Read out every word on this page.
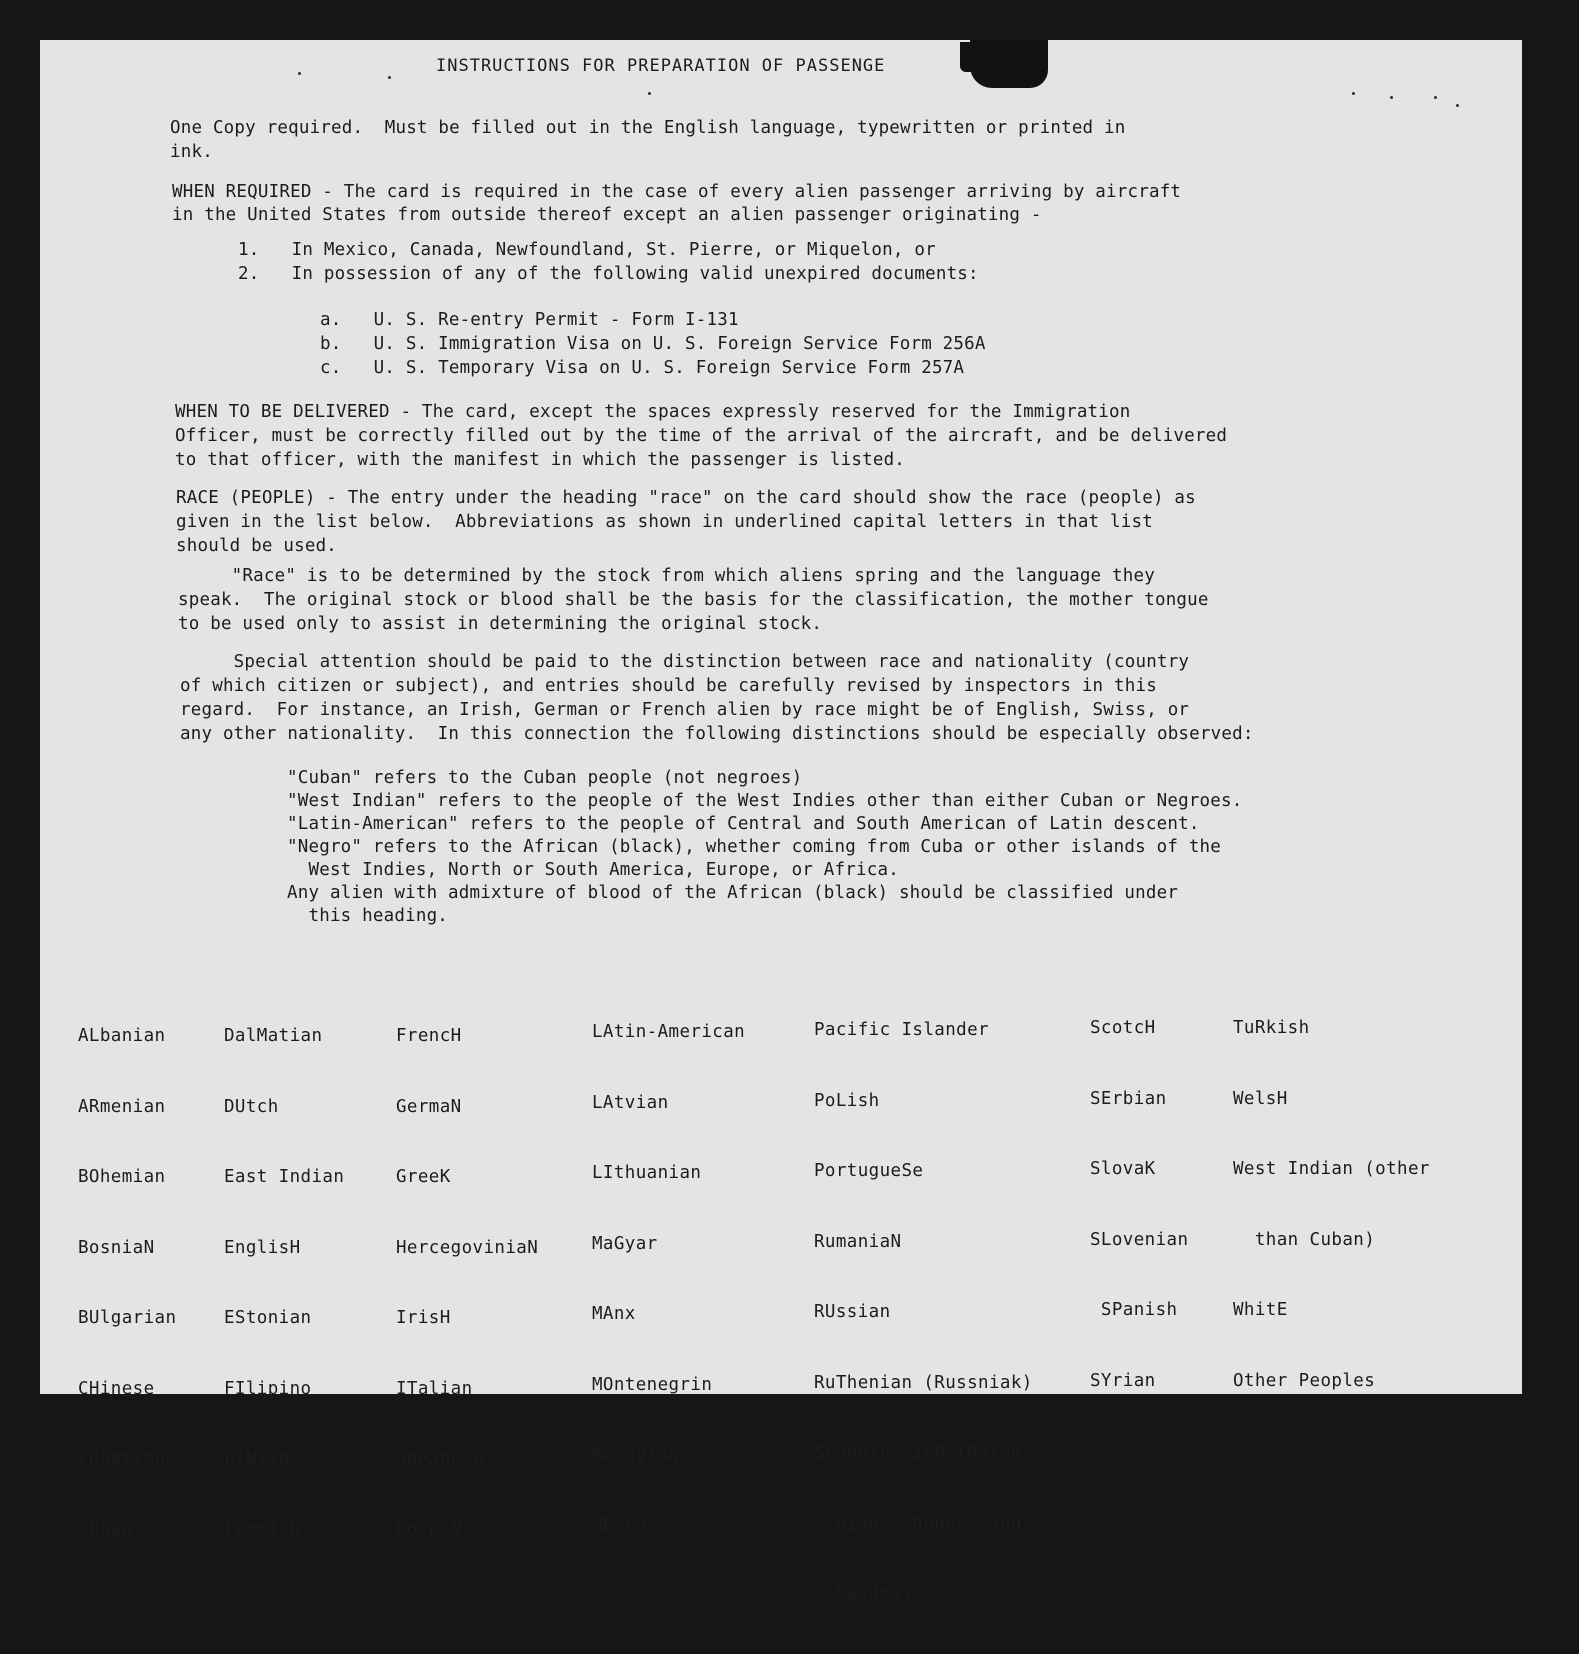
INSTRUCTIONS FOR PREPARATION OF PASSENGE
One Copy required.  Must be filled out in the English language, typewritten or printed in
ink.
WHEN REQUIRED - The card is required in the case of every alien passenger arriving by aircraft
in the United States from outside thereof except an alien passenger originating -
1.   In Mexico, Canada, Newfoundland, St. Pierre, or Miquelon, or
2.   In possession of any of the following valid unexpired documents:
a.   U. S. Re-entry Permit - Form I-131
b.   U. S. Immigration Visa on U. S. Foreign Service Form 256A
c.   U. S. Temporary Visa on U. S. Foreign Service Form 257A
WHEN TO BE DELIVERED - The card, except the spaces expressly reserved for the Immigration
Officer, must be correctly filled out by the time of the arrival of the aircraft, and be delivered
to that officer, with the manifest in which the passenger is listed.
RACE (PEOPLE) - The entry under the heading "race" on the card should show the race (people) as
given in the list below.  Abbreviations as shown in underlined capital letters in that list
should be used.
"Race" is to be determined by the stock from which aliens spring and the language they
speak.  The original stock or blood shall be the basis for the classification, the mother tongue
to be used only to assist in determining the original stock.
Special attention should be paid to the distinction between race and nationality (country
of which citizen or subject), and entries should be carefully revised by inspectors in this
regard.  For instance, an Irish, German or French alien by race might be of English, Swiss, or
any other nationality.  In this connection the following distinctions should be especially observed:
"Cuban" refers to the Cuban people (not negroes)
"West Indian" refers to the people of the West Indies other than either Cuban or Negroes.
"Latin-American" refers to the people of Central and South American of Latin descent.
"Negro" refers to the African (black), whether coming from Cuba or other islands of the
West Indies, North or South America, Europe, or Africa.
Any alien with admixture of blood of the African (black) should be classified under
this heading.

ALbanian

ARmenian

BOhemian

BosniaN

BUlgarian

CHinese

CRoatian

CUban

DalMatian

DUtch

East Indian

EnglisH

EStonian

FIlipino

FINish

FLemish

FrencH

GermaN

GreeK

HercegoviniaN

IrisH

ITalian

JaPanese

KoreaN

LAtin-American

LAtvian

LIthuanian

MaGyar

MAnx

MOntenegrin

MoraviaN

NEgro

Pacific Islander

PoLish

PortugueSe

RumaniaN

RUssian

RuThenian (Russniak)

ScandinaviaN (Norwe-

gians, Danes, and

Swedes)

ScotcH

SErbian

SlovaK

SLovenian

SPanish

SYrian

TuRkish

WelsH

West Indian (other

than Cuban)

WhitE

Other Peoples
